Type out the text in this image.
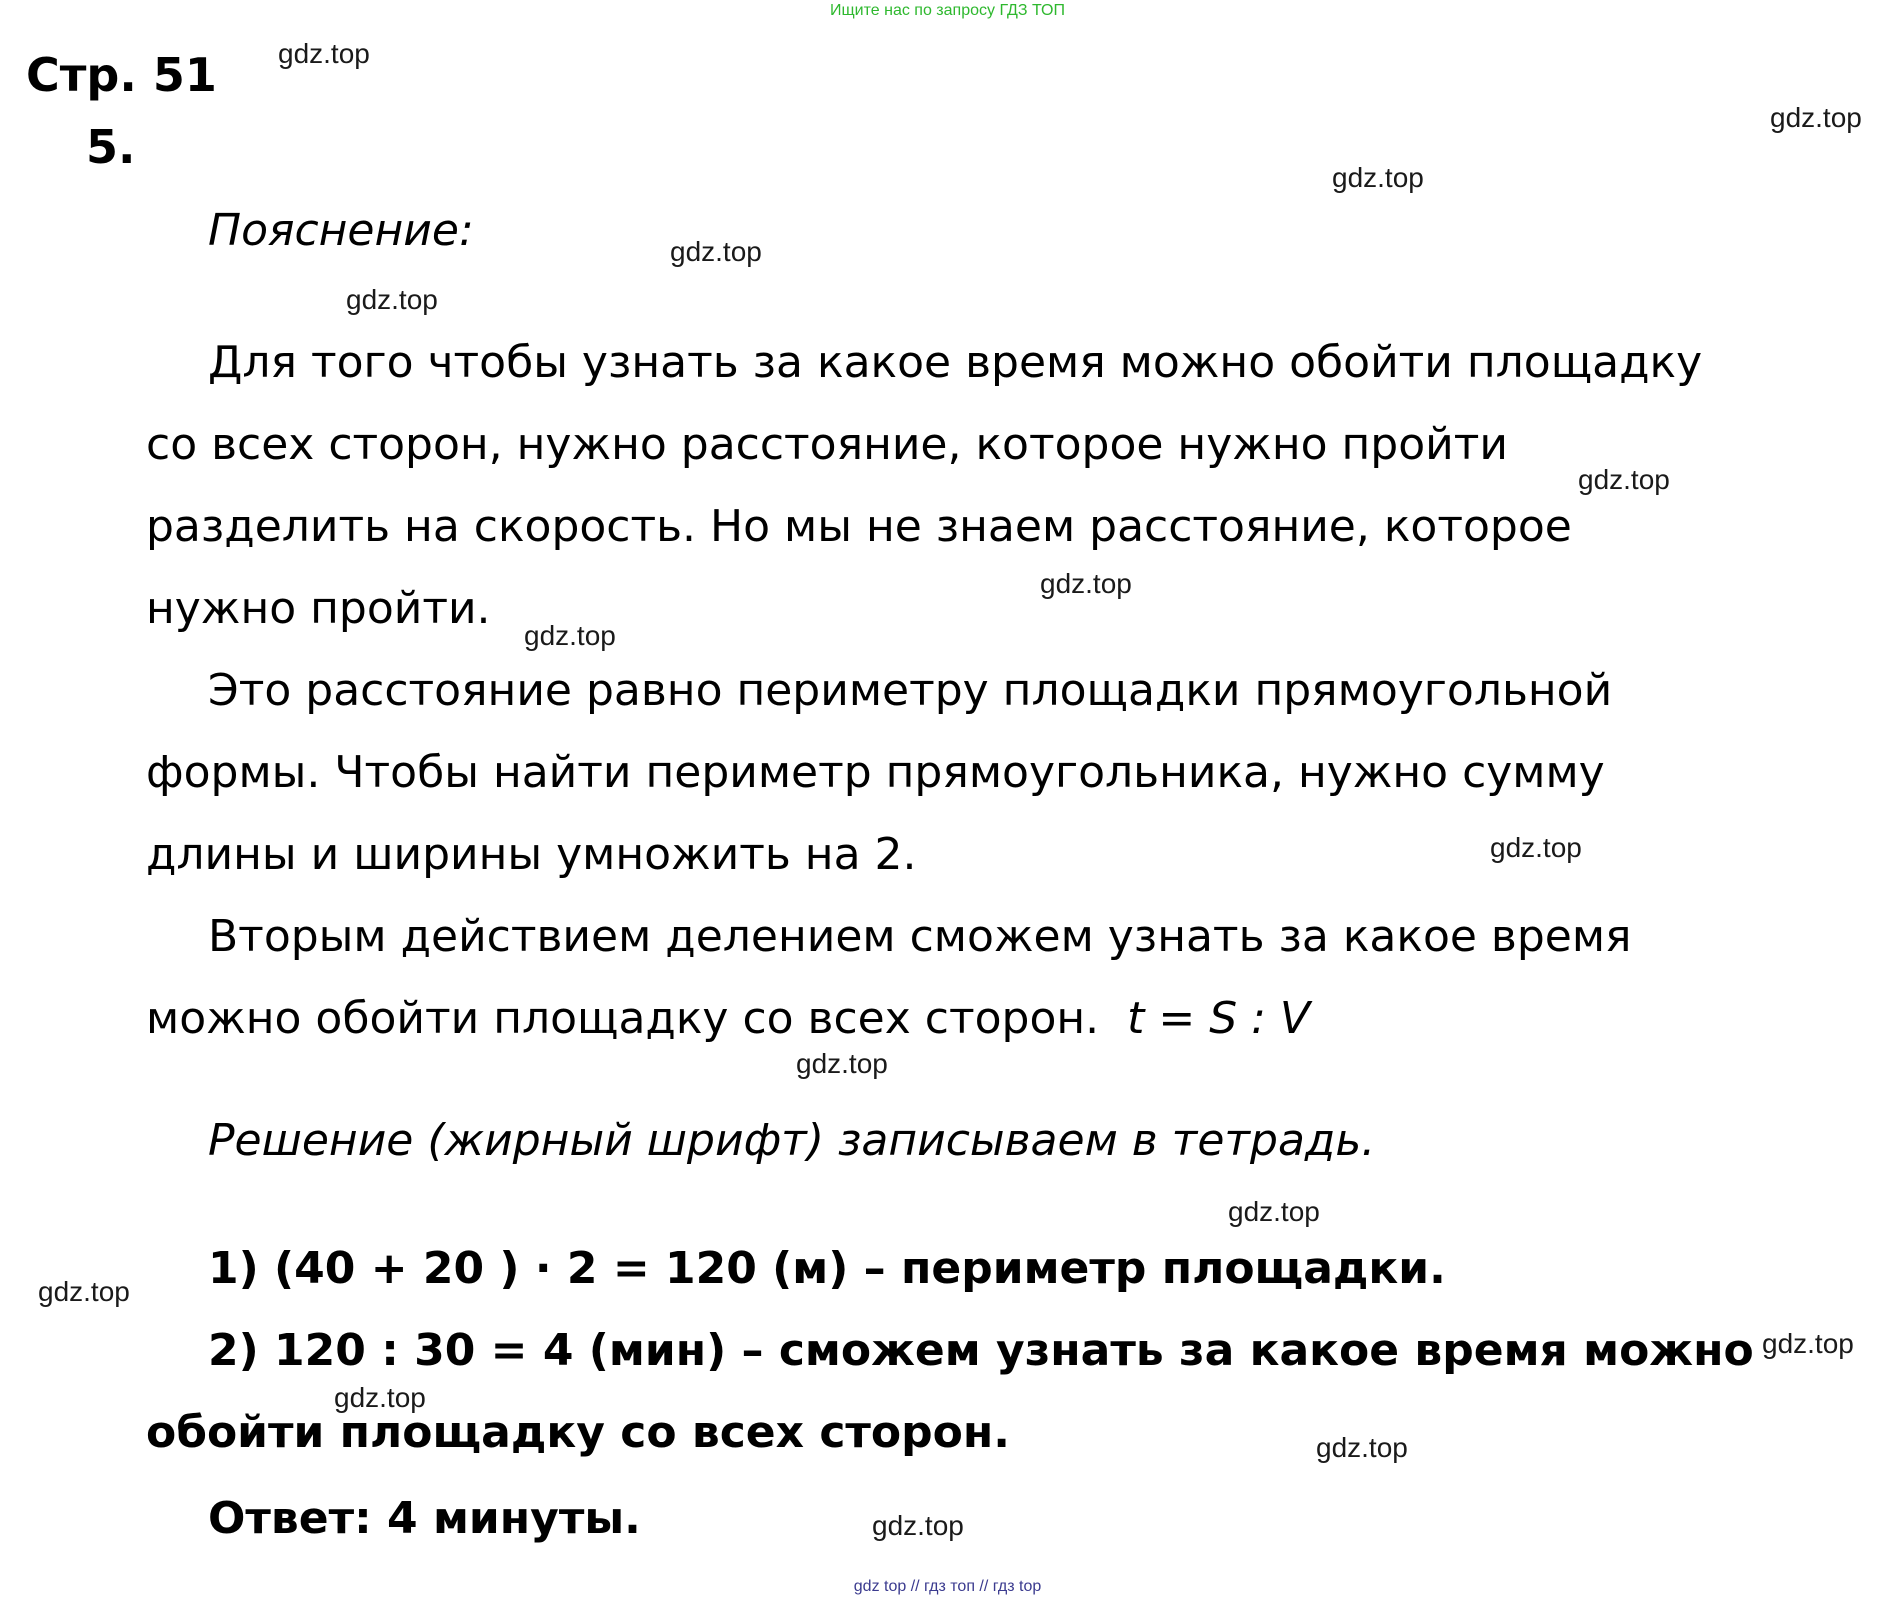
Ищите нас по запросу ГДЗ ТОП
Стр. 51
5.
Пояснение:
Для того чтобы узнать за какое время можно обойти площадку
со всех сторон, нужно расстояние, которое нужно пройти
разделить на скорость. Но мы не знаем расстояние, которое
нужно пройти.
Это расстояние равно периметру площадки прямоугольной
формы. Чтобы найти периметр прямоугольника, нужно сумму
длины и ширины умножить на 2.
Вторым действием делением сможем узнать за какое время
можно обойти площадку со всех сторон. t = S : V
Решение (жирный шрифт) записываем в тетрадь.
1) (40 + 20 ) · 2 = 120 (м) – периметр площадки.
2) 120 : 30 = 4 (мин) – сможем узнать за какое время можно
обойти площадку со всех сторон.
Ответ: 4 минуты.
gdz.top
gdz.top
gdz.top
gdz.top
gdz.top
gdz.top
gdz.top
gdz.top
gdz.top
gdz.top
gdz.top
gdz.top
gdz.top
gdz.top
gdz.top
gdz.top
gdz top // гдз топ // гдз top
